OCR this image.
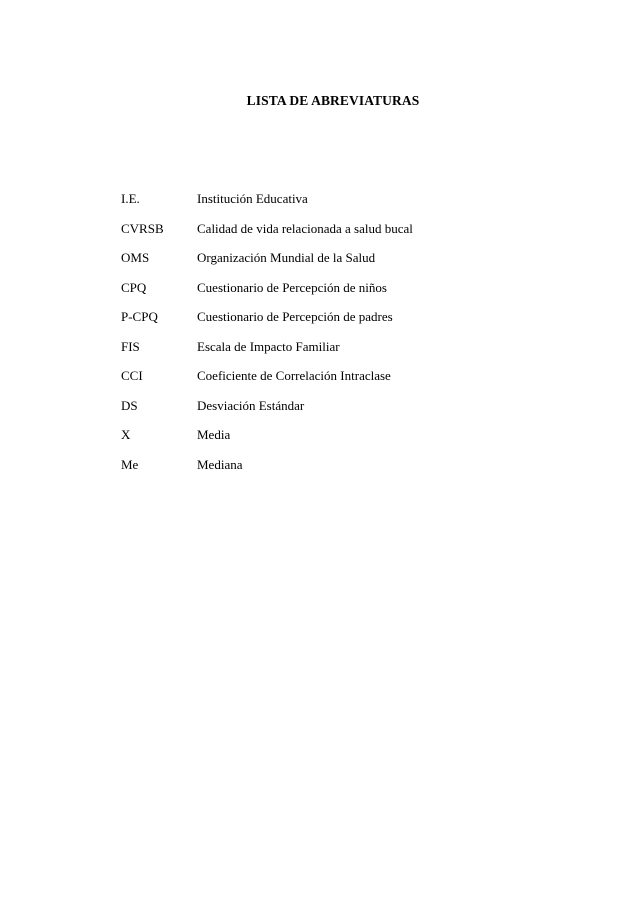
LISTA DE ABREVIATURAS
I.E.	Institución Educativa
CVRSB	Calidad de vida relacionada a salud bucal
OMS	Organización Mundial de la Salud
CPQ	Cuestionario de Percepción de niños
P-CPQ	Cuestionario de Percepción de padres
FIS	Escala de Impacto Familiar
CCI	Coeficiente de Correlación Intraclase
DS	Desviación Estándar
X	Media
Me	Mediana
